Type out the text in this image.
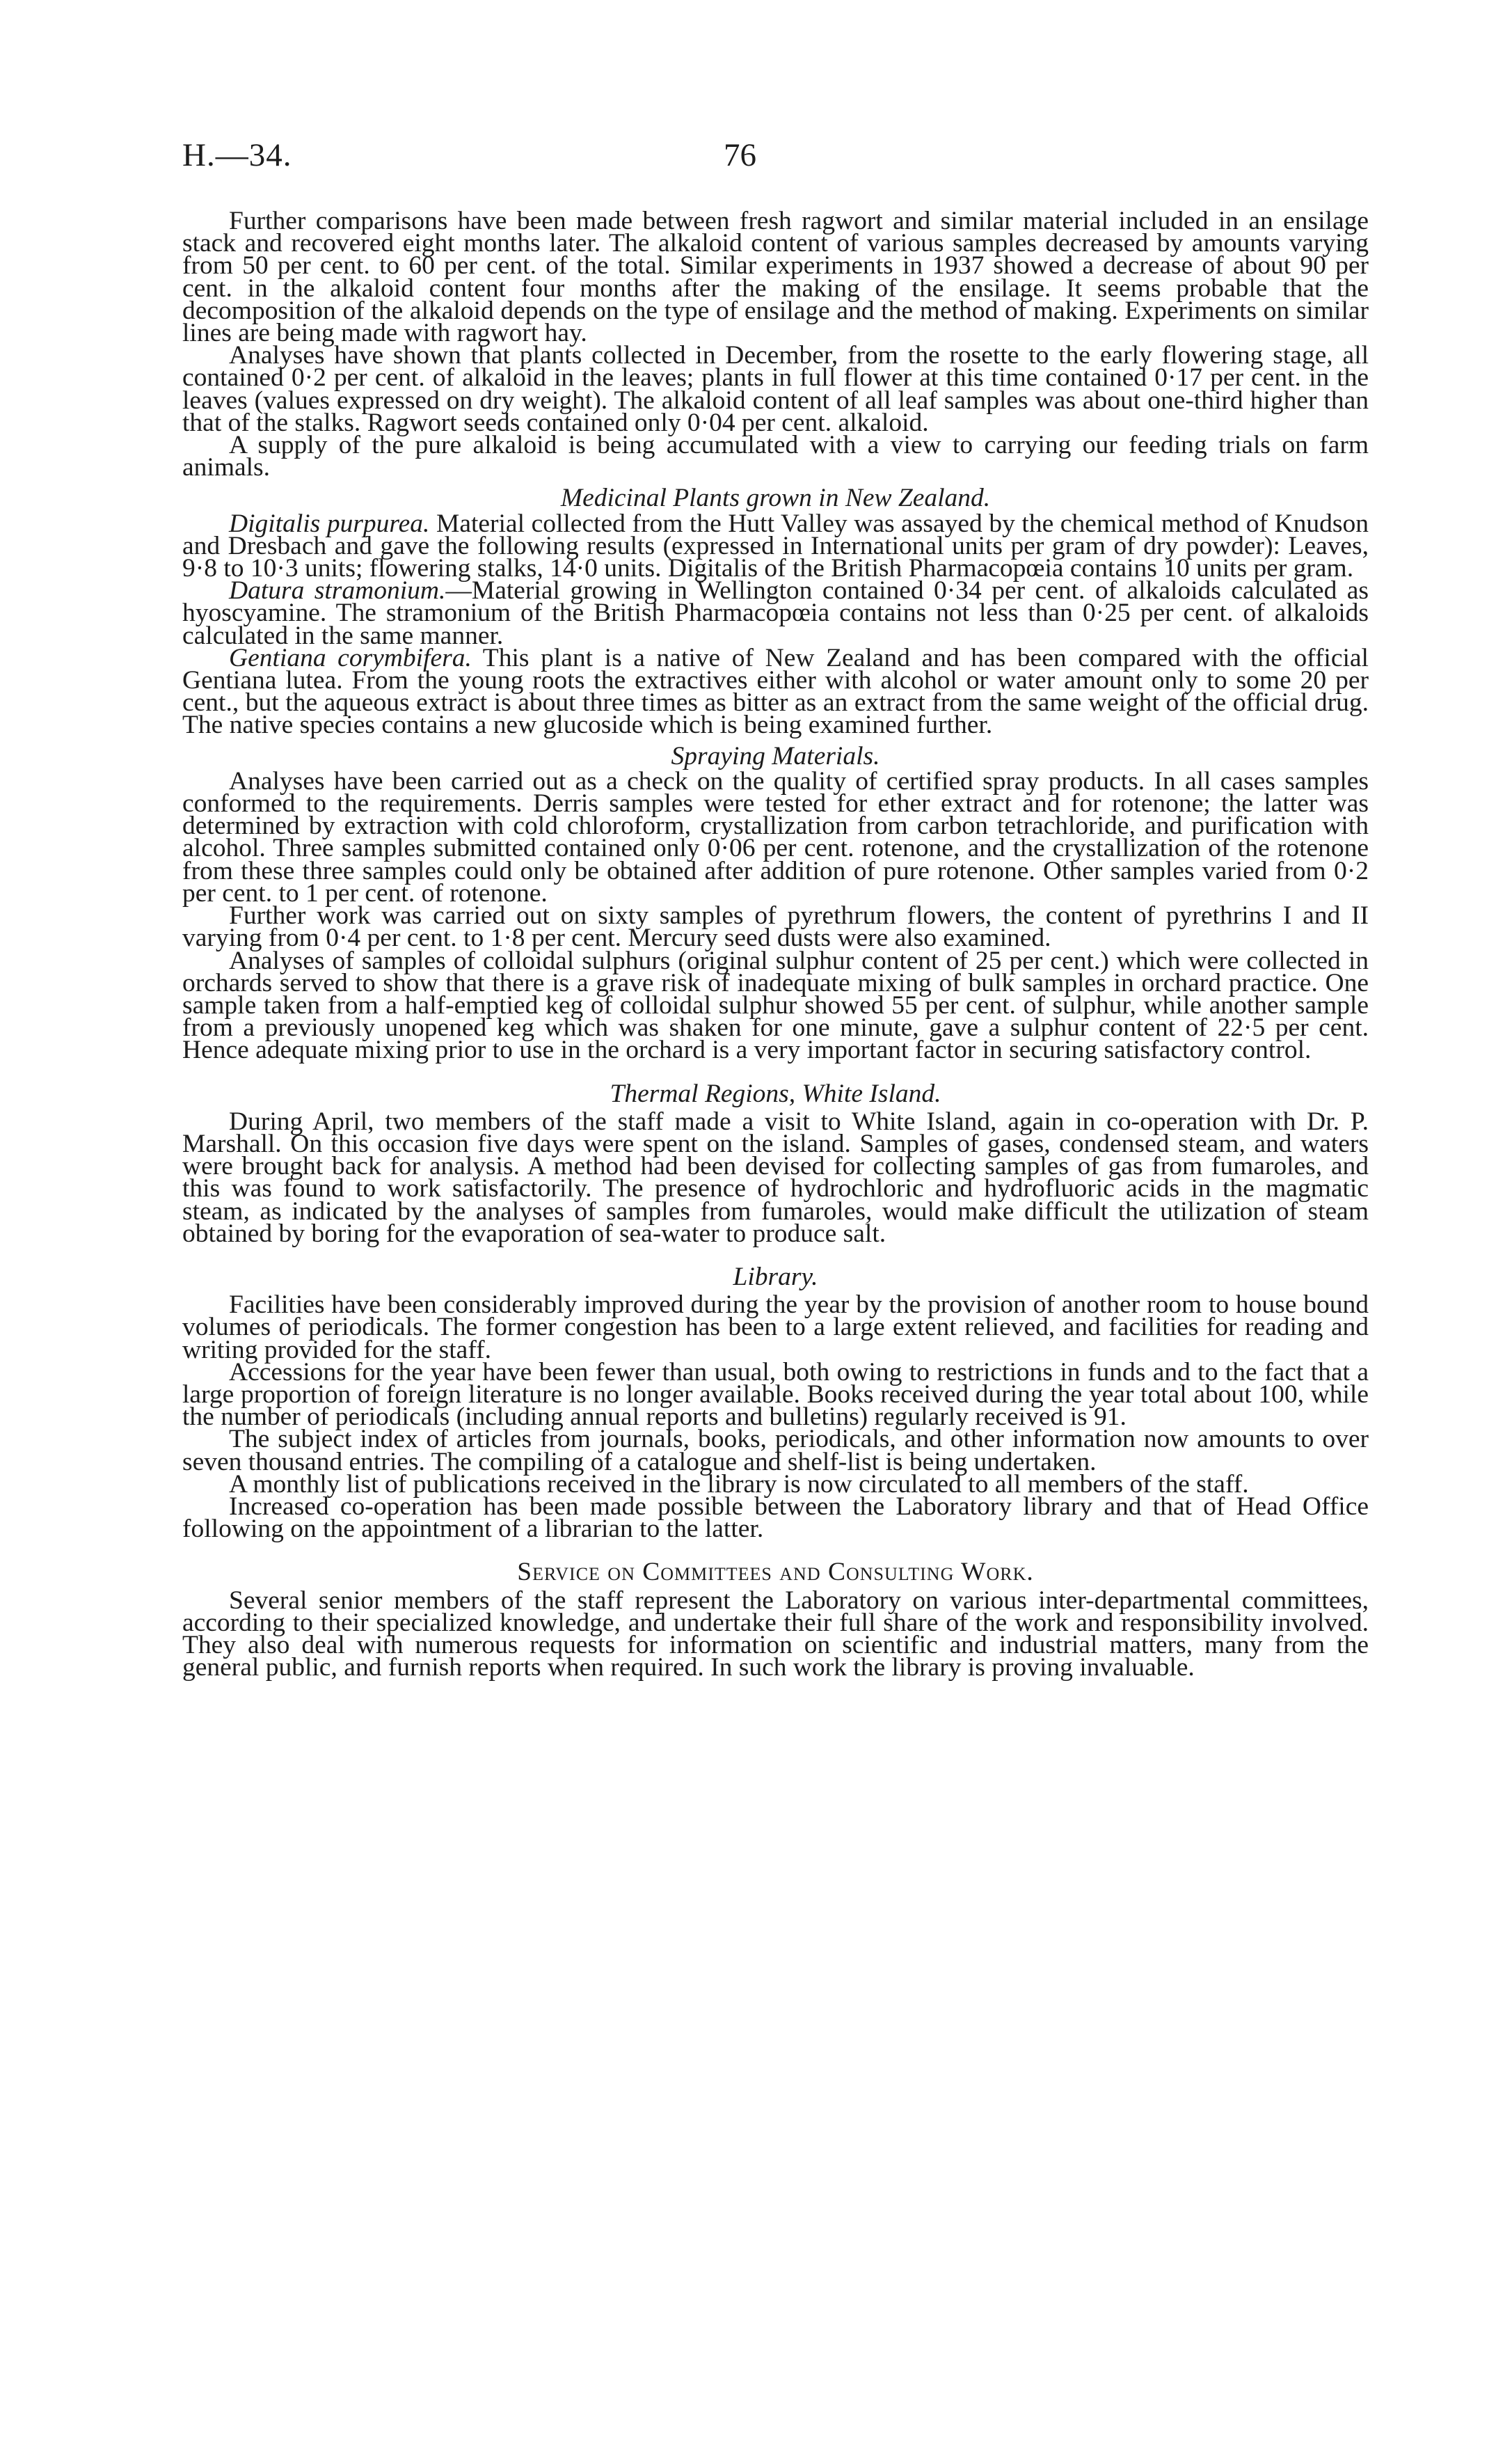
H.—34.	76

Further comparisons have been made between fresh ragwort and similar material included in an ensilage stack and recovered eight months later. The alkaloid content of various samples decreased by amounts varying from 50 per cent. to 60 per cent. of the total. Similar experiments in 1937 showed a decrease of about 90 per cent. in the alkaloid content four months after the making of the ensilage. It seems probable that the decomposition of the alkaloid depends on the type of ensilage and the method of making. Experiments on similar lines are being made with ragwort hay.

Analyses have shown that plants collected in December, from the rosette to the early flowering stage, all contained 0·2 per cent. of alkaloid in the leaves; plants in full flower at this time contained 0·17 per cent. in the leaves (values expressed on dry weight). The alkaloid content of all leaf samples was about one-third higher than that of the stalks. Ragwort seeds contained only 0·04 per cent. alkaloid.

A supply of the pure alkaloid is being accumulated with a view to carrying our feeding trials on farm animals.

Medicinal Plants grown in New Zealand.

Digitalis purpurea. Material collected from the Hutt Valley was assayed by the chemical method of Knudson and Dresbach and gave the following results (expressed in International units per gram of dry powder): Leaves, 9·8 to 10·3 units; flowering stalks, 14·0 units. Digitalis of the British Pharmacopœia contains 10 units per gram.

Datura stramonium.—Material growing in Wellington contained 0·34 per cent. of alkaloids calculated as hyoscyamine. The stramonium of the British Pharmacopœia contains not less than 0·25 per cent. of alkaloids calculated in the same manner.

Gentiana corymbifera. This plant is a native of New Zealand and has been compared with the official Gentiana lutea. From the young roots the extractives either with alcohol or water amount only to some 20 per cent., but the aqueous extract is about three times as bitter as an extract from the same weight of the official drug. The native species contains a new glucoside which is being examined further.

Spraying Materials.

Analyses have been carried out as a check on the quality of certified spray products. In all cases samples conformed to the requirements. Derris samples were tested for ether extract and for rotenone; the latter was determined by extraction with cold chloroform, crystallization from carbon tetrachloride, and purification with alcohol. Three samples submitted contained only 0·06 per cent. rotenone, and the crystallization of the rotenone from these three samples could only be obtained after addition of pure rotenone. Other samples varied from 0·2 per cent. to 1 per cent. of rotenone.

Further work was carried out on sixty samples of pyrethrum flowers, the content of pyrethrins I and II varying from 0·4 per cent. to 1·8 per cent. Mercury seed dusts were also examined.

Analyses of samples of colloidal sulphurs (original sulphur content of 25 per cent.) which were collected in orchards served to show that there is a grave risk of inadequate mixing of bulk samples in orchard practice. One sample taken from a half-emptied keg of colloidal sulphur showed 55 per cent. of sulphur, while another sample from a previously unopened keg which was shaken for one minute, gave a sulphur content of 22·5 per cent. Hence adequate mixing prior to use in the orchard is a very important factor in securing satisfactory control.

Thermal Regions, White Island.

During April, two members of the staff made a visit to White Island, again in co-operation with Dr. P. Marshall. On this occasion five days were spent on the island. Samples of gases, condensed steam, and waters were brought back for analysis. A method had been devised for collecting samples of gas from fumaroles, and this was found to work satisfactorily. The presence of hydrochloric and hydrofluoric acids in the magmatic steam, as indicated by the analyses of samples from fumaroles, would make difficult the utilization of steam obtained by boring for the evaporation of sea-water to produce salt.

Library.

Facilities have been considerably improved during the year by the provision of another room to house bound volumes of periodicals. The former congestion has been to a large extent relieved, and facilities for reading and writing provided for the staff.

Accessions for the year have been fewer than usual, both owing to restrictions in funds and to the fact that a large proportion of foreign literature is no longer available. Books received during the year total about 100, while the number of periodicals (including annual reports and bulletins) regularly received is 91.

The subject index of articles from journals, books, periodicals, and other information now amounts to over seven thousand entries. The compiling of a catalogue and shelf-list is being undertaken.

A monthly list of publications received in the library is now circulated to all members of the staff.

Increased co-operation has been made possible between the Laboratory library and that of Head Office following on the appointment of a librarian to the latter.

Service on Committees and Consulting Work.

Several senior members of the staff represent the Laboratory on various inter-departmental committees, according to their specialized knowledge, and undertake their full share of the work and responsibility involved. They also deal with numerous requests for information on scientific and industrial matters, many from the general public, and furnish reports when required. In such work the library is proving invaluable.
